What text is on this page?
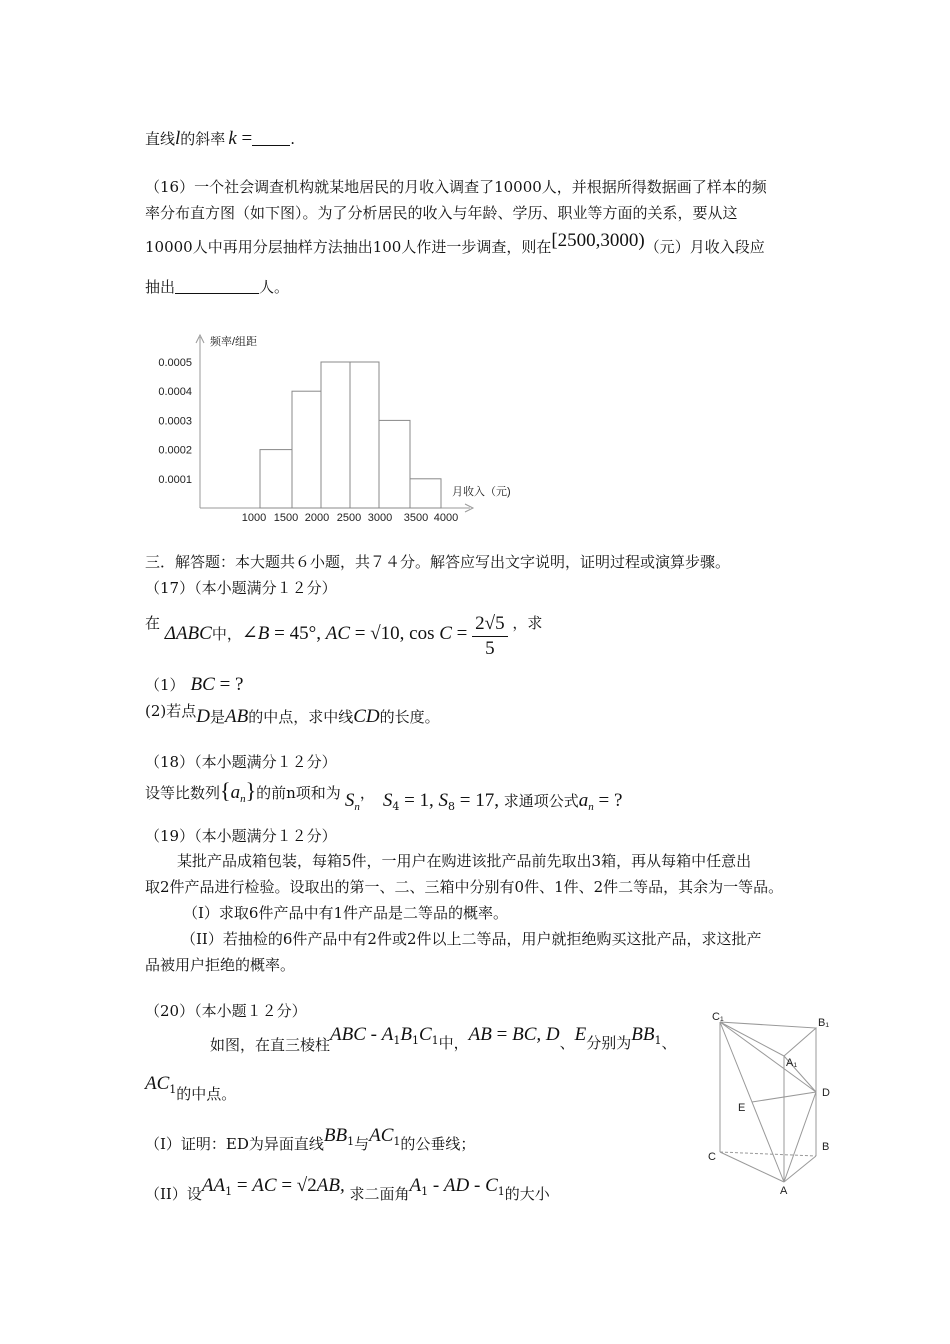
直线l的斜率 k =	.
（16）一个社会调查机构就某地居民的月收入调查了10000人，并根据所得数据画了样本的频
率分布直方图（如下图）。为了分析居民的收入与年龄、学历、职业等方面的关系，要从这
10000人中再用分层抽样方法抽出100人作进一步调查，则在[2500,3000)（元）月收入段应
抽出	人。
0.0001
0.0002
0.0003
0.0004
0.0005
1000 1500 2000 2500 3000 3500 4000
频率/组距
月收入（元)
三．解答题：本大题共６小题，共７４分。解答应写出文字说明，证明过程或演算步骤。
（17）（本小题满分１２分）
在 ΔABC中，∠B = 45°, AC = √10, $\cos C = \frac{2√5}{5}$ ，求
（1） BC = ?
(2)若点D是AB的中点，求中线CD的长度。
（18）（本小题满分１２分）
设等比数列$\{a_n\}$的前n项和为 $S_n$， $S_4 = 1$, $S_8 = 17$, 求通项公式$a_n$ = ?
（19）（本小题满分１２分）
某批产品成箱包装，每箱5件，一用户在购进该批产品前先取出3箱，再从每箱中任意出
取2件产品进行检验。设取出的第一、二、三箱中分别有0件、1件、2件二等品，其余为一等品。
（I）求取6件产品中有1件产品是二等品的概率。
（II）若抽检的6件产品中有2件或2件以上二等品，用户就拒绝购买这批产品，求这批产
品被用户拒绝的概率。
（20）（本小题１２分）
如图，在直三棱柱ABC - $A_1B_1C_1$中，AB = BC, D、E分别为$BB_1$、
$AC_1$的中点。
（I）证明：ED为异面直线$BB_1$与$AC_1$的公垂线；
（II）设$AA_1$ = AC = √2AB, 求二面角$A_1$ - AD - $C_1$的大小
C₁	B₁
A₁
D
E
C
B
A
